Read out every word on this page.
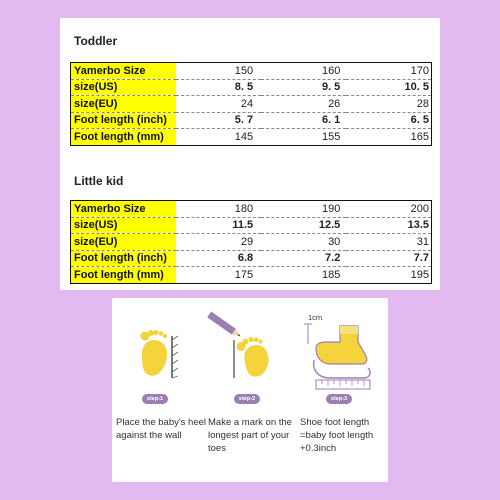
Toddler
Yamerbo Size	150	160	170
size(US)	8. 5	9. 5	10. 5
size(EU)	24	26	28
Foot length (inch)	5. 7	6. 1	6. 5
Foot length (mm)	145	155	165
Little kid
Yamerbo Size	180	190	200
size(US)	11.5	12.5	13.5
size(EU)	29	30	31
Foot length (inch)	6.8	7.2	7.7
Foot length (mm)	175	185	195
step-1
Place the baby's heel against the wall
step-2
Make a mark on the longest part of your toes
1cm
step-3
Shoe foot length =baby foot length +0.3inch
